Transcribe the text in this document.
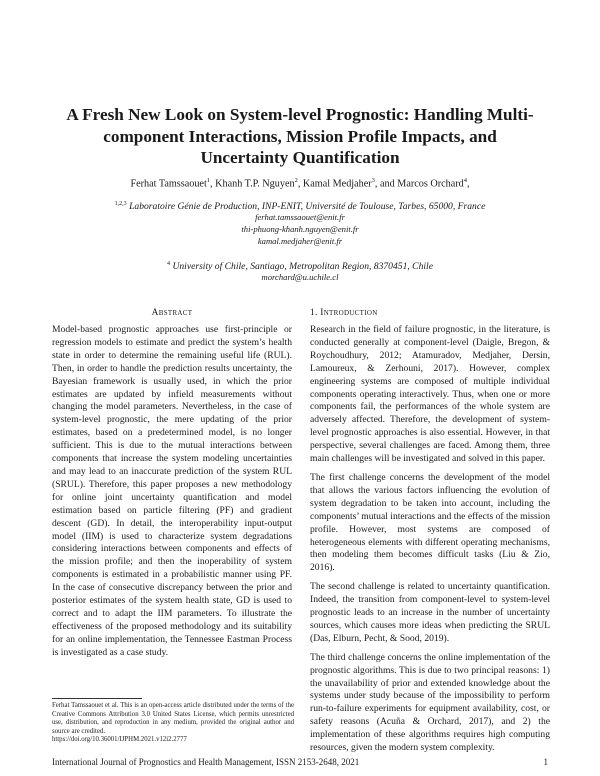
A Fresh New Look on System-level Prognostic: Handling Multi-component Interactions, Mission Profile Impacts, and Uncertainty Quantification
Ferhat Tamssaouet$^1$, Khanh T.P. Nguyen$^2$, Kamal Medjaher$^3$, and Marcos Orchard$^4$,
$^{1,2,3}$ Laboratoire Génie de Production, INP-ENIT, Université de Toulouse, Tarbes, 65000, France
ferhat.tamssaouet@enit.fr
thi-phuong-khanh.nguyen@enit.fr
kamal.medjaher@enit.fr
$^4$ University of Chile, Santiago, Metropolitan Region, 8370451, Chile
morchard@u.uchile.cl
Abstract	1. Introduction

Model-based prognostic approaches use first-principle or regression models to estimate and predict the system’s health state in order to determine the remaining useful life (RUL). Then, in order to handle the prediction results uncertainty, the Bayesian framework is usually used, in which the prior estimates are updated by infield measurements without changing the model parameters. Nevertheless, in the case of system-level prognostic, the mere updating of the prior estimates, based on a predetermined model, is no longer sufficient. This is due to the mutual interactions between components that increase the system modeling uncertainties and may lead to an inaccurate prediction of the system RUL (SRUL). Therefore, this paper proposes a new methodology for online joint uncertainty quantification and model estimation based on particle filtering (PF) and gradient descent (GD). In detail, the interoperability input-output model (IIM) is used to characterize system degradations considering interactions between components and effects of the mission profile; and then the inoperability of system components is estimated in a probabilistic manner using PF. In the case of consecutive discrepancy between the prior and posterior estimates of the system health state, GD is used to correct and to adapt the IIM parameters. To illustrate the effectiveness of the proposed methodology and its suitability for an online implementation, the Tennessee Eastman Process is investigated as a case study.

Research in the field of failure prognostic, in the literature, is conducted generally at component-level (Daigle, Bregon, & Roychoudhury, 2012; Atamuradov, Medjaher, Dersin, Lamoureux, & Zerhouni, 2017). However, complex engineering systems are composed of multiple individual components operating interactively. Thus, when one or more components fail, the performances of the whole system are adversely affected. Therefore, the development of system-level prognostic approaches is also essential. However, in that perspective, several challenges are faced. Among them, three main challenges will be investigated and solved in this paper.

The first challenge concerns the development of the model that allows the various factors influencing the evolution of system degradation to be taken into account, including the components’ mutual interactions and the effects of the mission profile. However, most systems are composed of heterogeneous elements with different operating mechanisms, then modeling them becomes difficult tasks (Liu & Zio, 2016).

The second challenge is related to uncertainty quantification. Indeed, the transition from component-level to system-level prognostic leads to an increase in the number of uncertainty sources, which causes more ideas when predicting the SRUL (Das, Elburn, Pecht, & Sood, 2019).

The third challenge concerns the online implementation of the prognostic algorithms. This is due to two principal reasons: 1) the unavailability of prior and extended knowledge about the systems under study because of the impossibility to perform run-to-failure experiments for equipment availability, cost, or safety reasons (Acuña & Orchard, 2017), and 2) the implementation of these algorithms requires high computing resources, given the modern system complexity.

Ferhat Tamssaouet et al. This is an open-access article distributed under the terms of the Creative Commons Attribution 3.0 United States License, which permits unrestricted use, distribution, and reproduction in any medium, provided the original author and source are credited.
https://doi.org/10.36001/IJPHM.2021.v12i2.2777
International Journal of Prognostics and Health Management, ISSN 2153-2648, 2021	1
